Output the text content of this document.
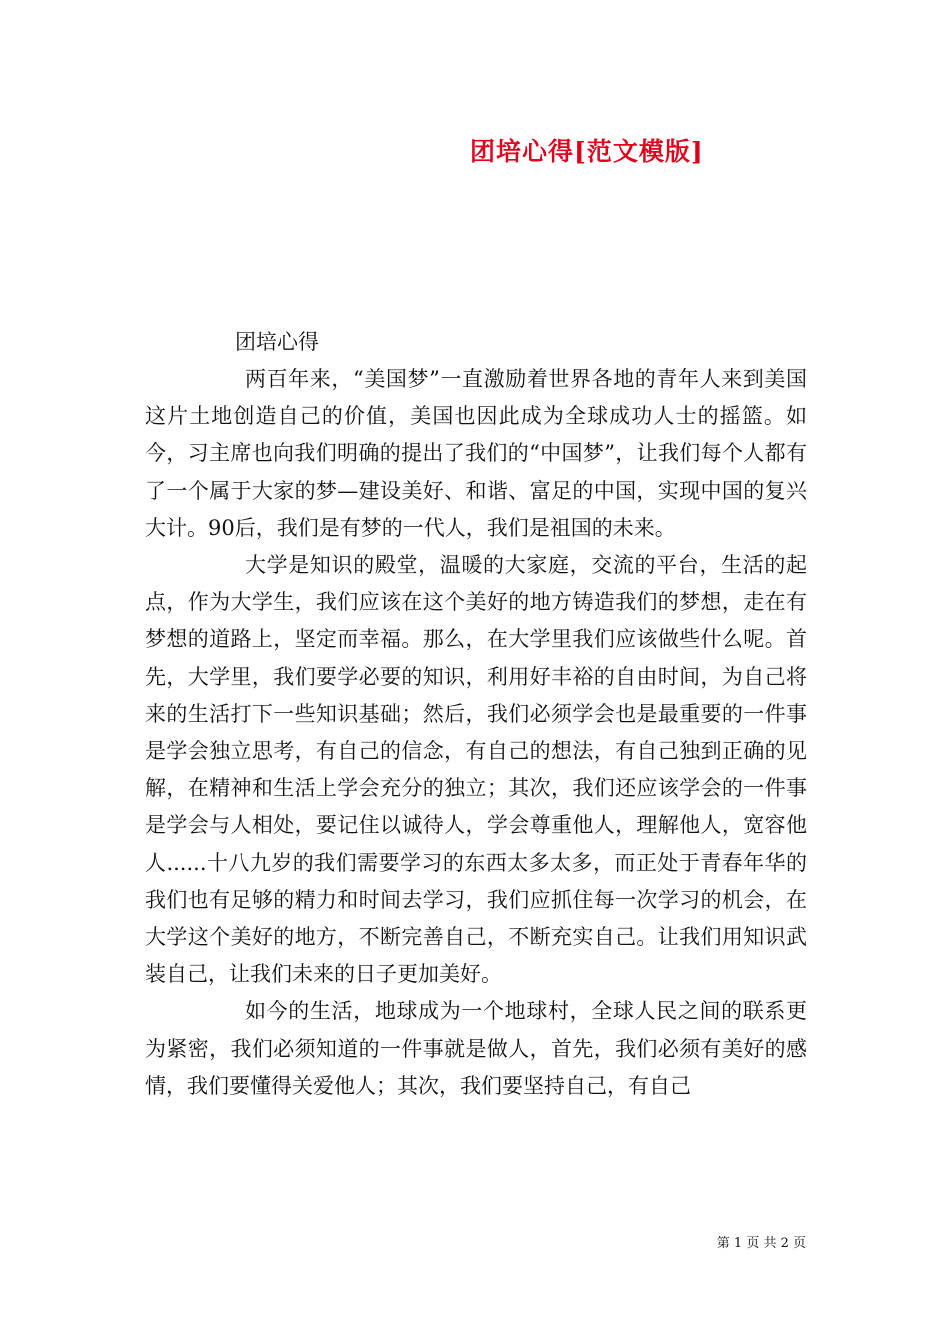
团培心得[范文模版]
团培心得

两百年来，“美国梦”一直激励着世界各地的青年人来到美国这片土地创造自己的价值，美国也因此成为全球成功人士的摇篮。如今，习主席也向我们明确的提出了我们的“中国梦”，让我们每个人都有了一个属于大家的梦—建设美好、和谐、富足的中国，实现中国的复兴大计。90后，我们是有梦的一代人，我们是祖国的未来。

大学是知识的殿堂，温暖的大家庭，交流的平台，生活的起点，作为大学生，我们应该在这个美好的地方铸造我们的梦想，走在有梦想的道路上，坚定而幸福。那么，在大学里我们应该做些什么呢。首先，大学里，我们要学必要的知识，利用好丰裕的自由时间，为自己将来的生活打下一些知识基础；然后，我们必须学会也是最重要的一件事是学会独立思考，有自己的信念，有自己的想法，有自己独到正确的见解，在精神和生活上学会充分的独立；其次，我们还应该学会的一件事是学会与人相处，要记住以诚待人，学会尊重他人，理解他人，宽容他人......十八九岁的我们需要学习的东西太多太多，而正处于青春年华的我们也有足够的精力和时间去学习，我们应抓住每一次学习的机会，在大学这个美好的地方，不断完善自己，不断充实自己。让我们用知识武装自己，让我们未来的日子更加美好。

如今的生活，地球成为一个地球村，全球人民之间的联系更为紧密，我们必须知道的一件事就是做人，首先，我们必须有美好的感情，我们要懂得关爱他人；其次，我们要坚持自己，有自己

第 1 页 共 2 页
